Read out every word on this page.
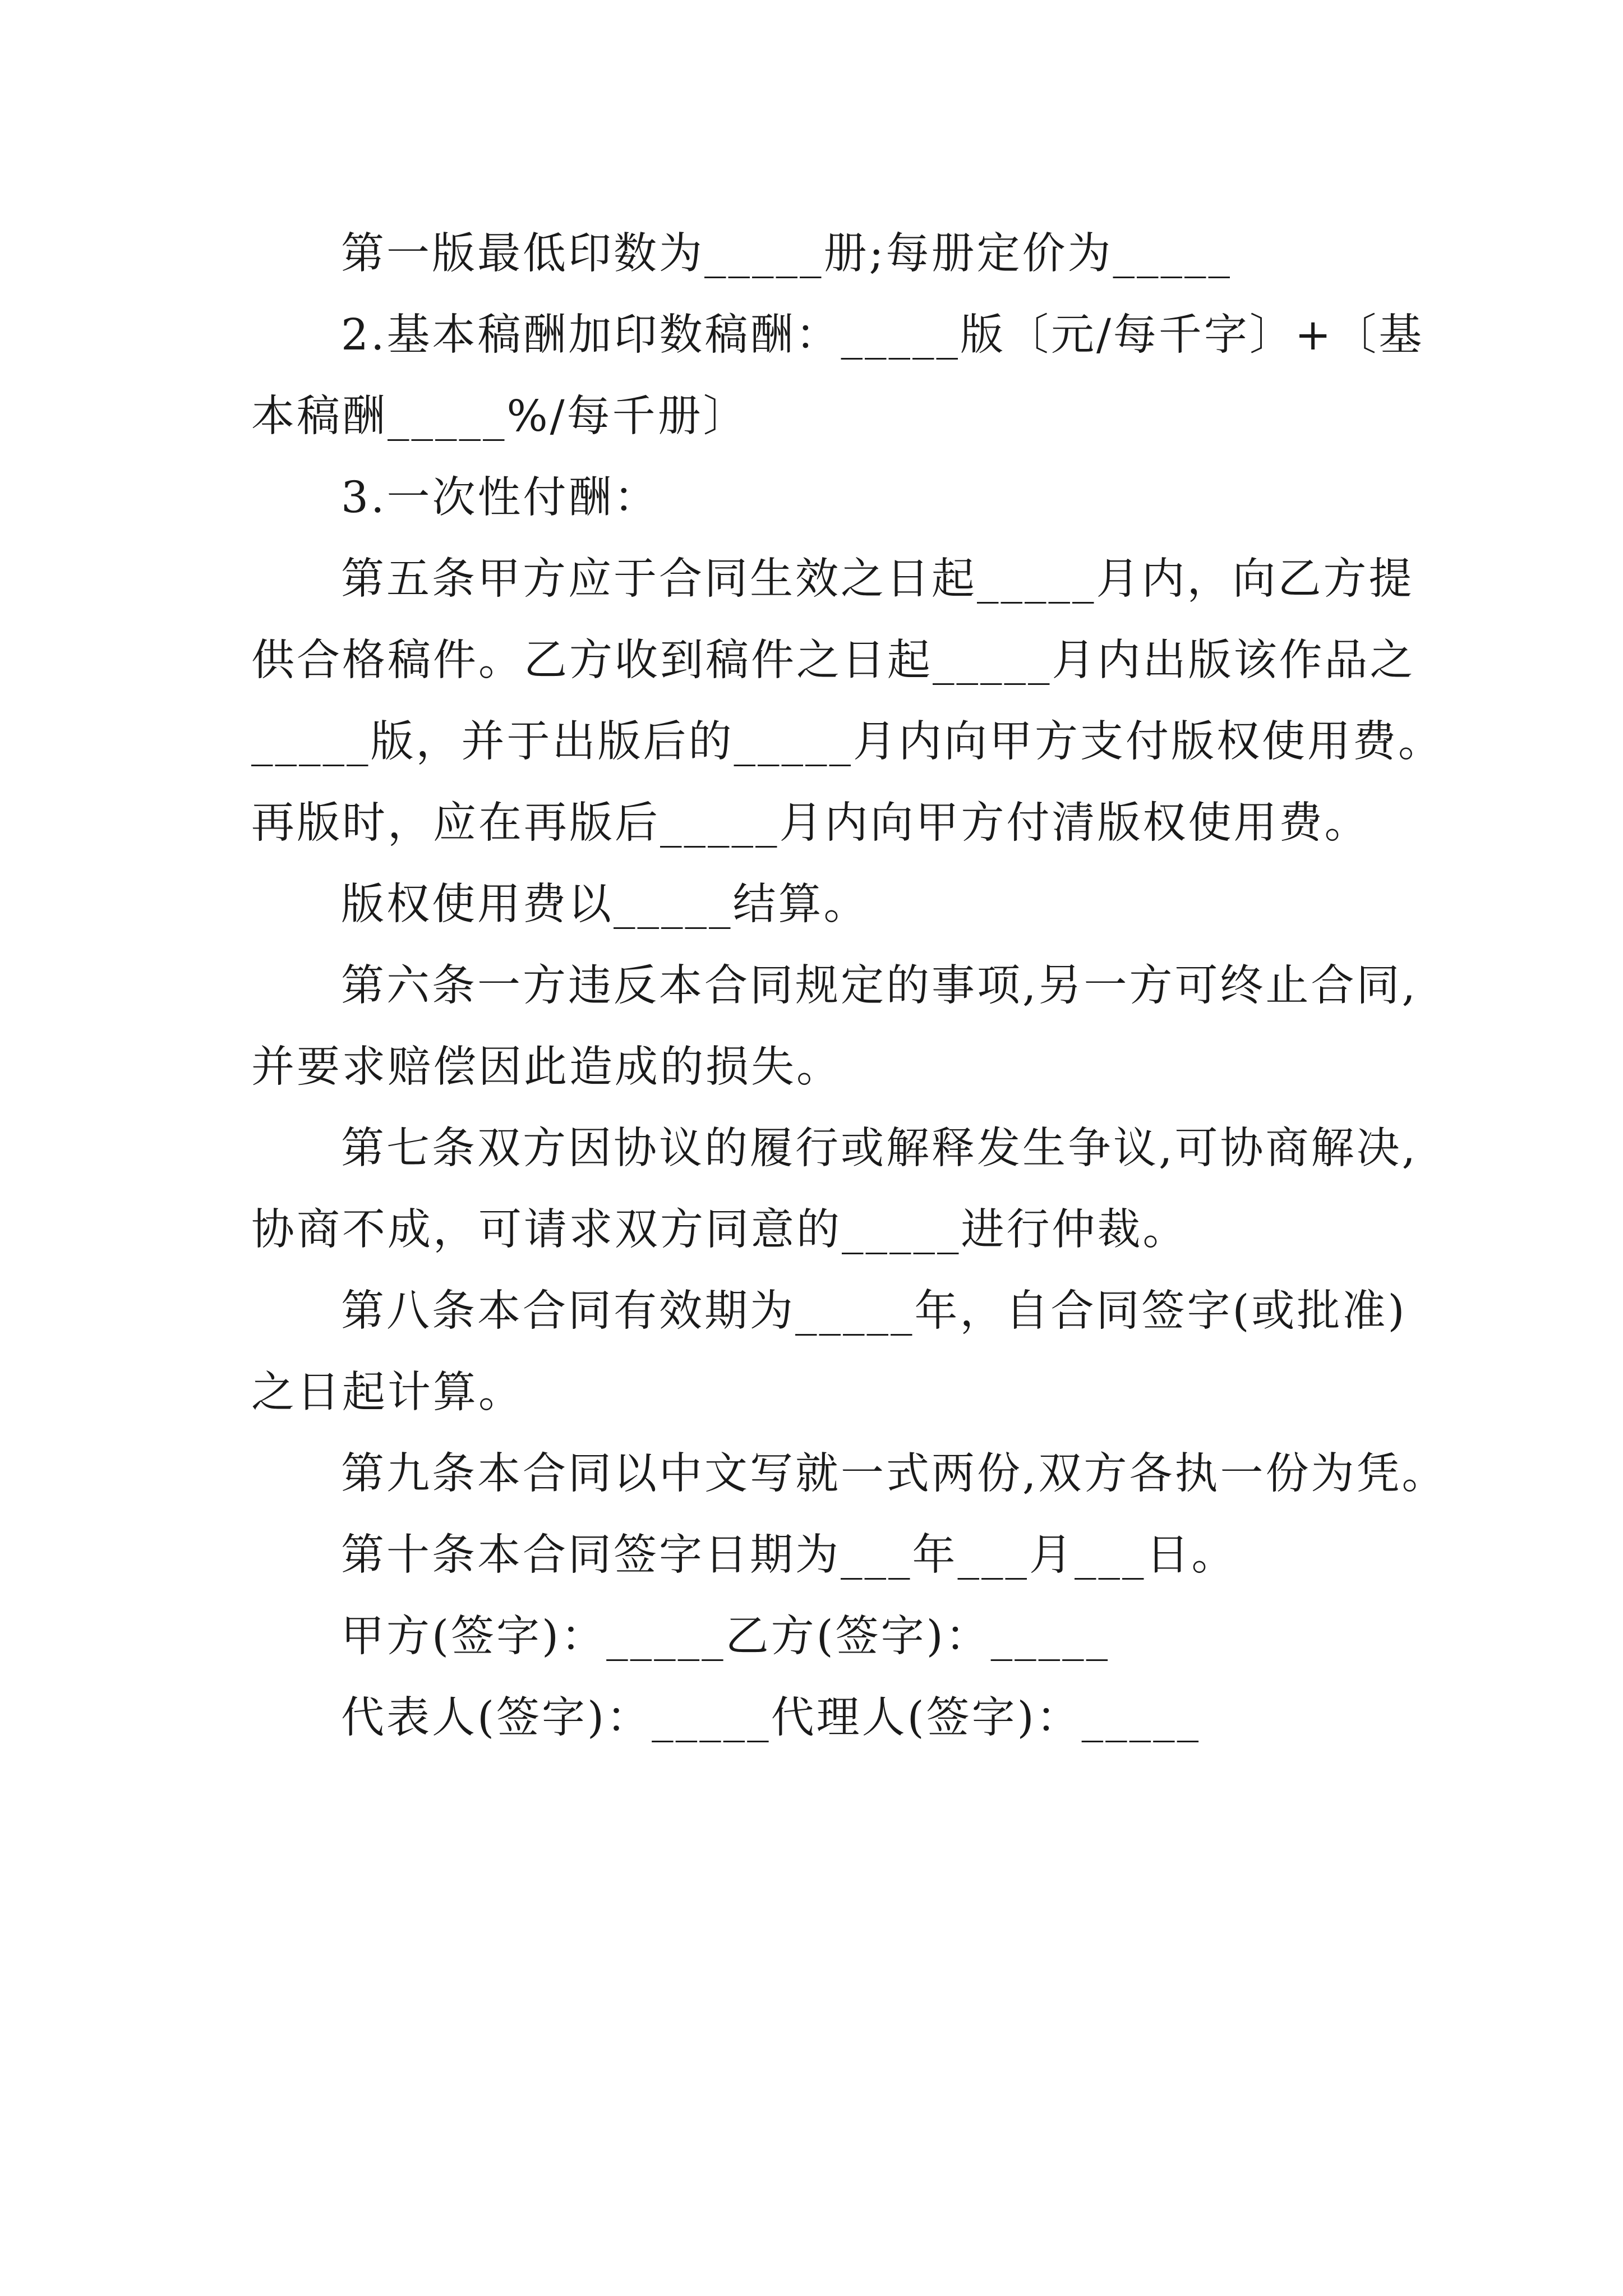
第一版最低印数为_____册;每册定价为_____
2.基本稿酬加印数稿酬：_____版〔元/每千字〕+〔基
本稿酬_____%/每千册〕
3.一次性付酬：
第五条甲方应于合同生效之日起_____月内，向乙方提
供合格稿件。乙方收到稿件之日起_____月内出版该作品之
_____版，并于出版后的_____月内向甲方支付版权使用费。
再版时，应在再版后_____月内向甲方付清版权使用费。
版权使用费以_____结算。
第六条一方违反本合同规定的事项,另一方可终止合同,
并要求赔偿因此造成的损失。
第七条双方因协议的履行或解释发生争议,可协商解决,
协商不成，可请求双方同意的_____进行仲裁。
第八条本合同有效期为_____年，自合同签字(或批准)
之日起计算。
第九条本合同以中文写就一式两份,双方各执一份为凭。
第十条本合同签字日期为___年___月___日。
甲方(签字)：_____乙方(签字)：_____
代表人(签字)：_____代理人(签字)：_____
